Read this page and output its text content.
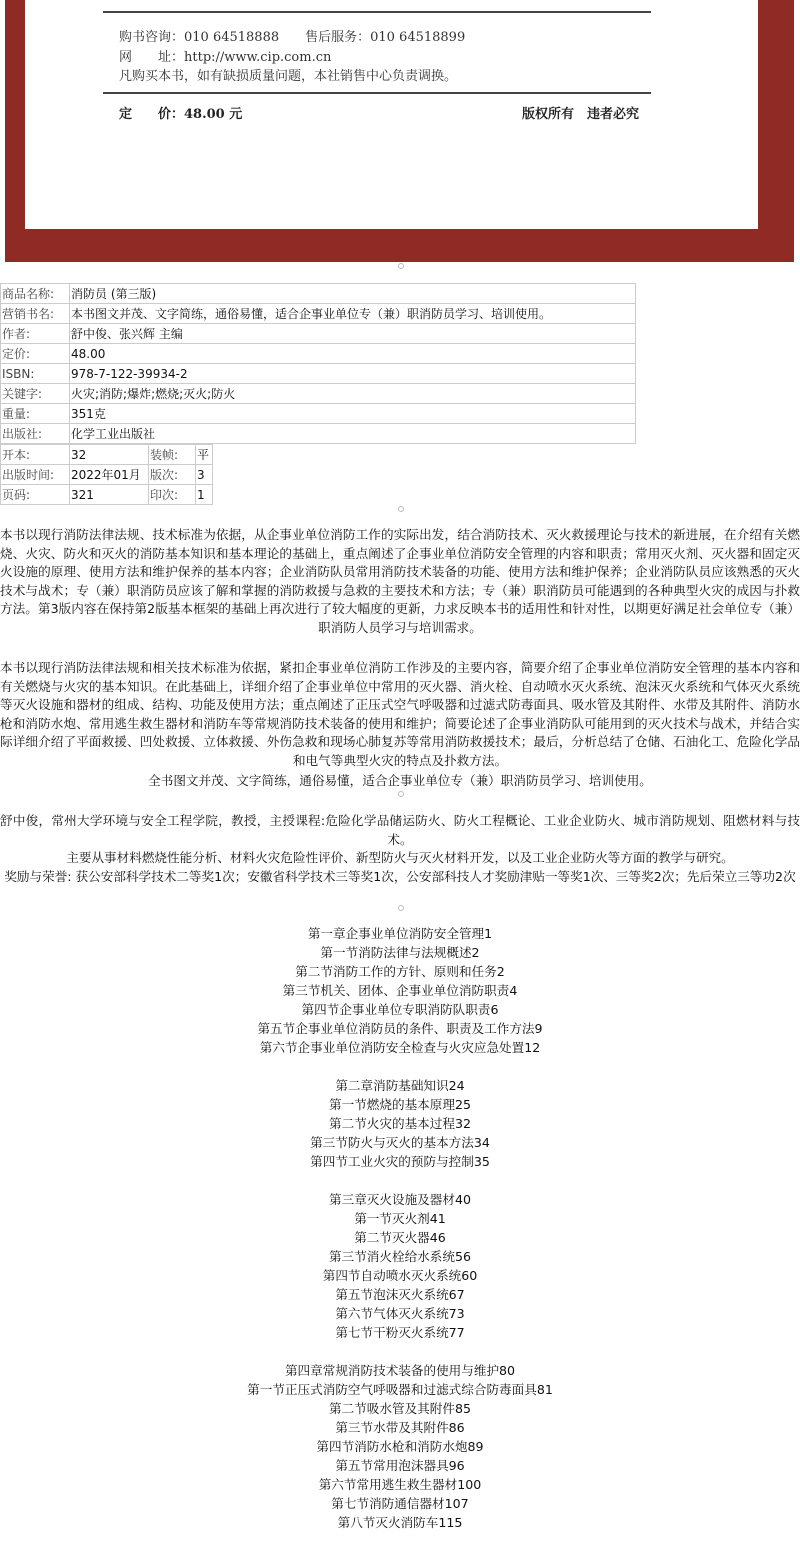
购书咨询：010 64518888　　售后服务：010 64518899
网　　址：http://www.cip.com.cn
凡购买本书，如有缺损质量问题，本社销售中心负责调换。
定　　价：48.00 元	版权所有　违者必究
商品名称:	消防员 (第三版)
营销书名:	本书图文并茂、文字简练，通俗易懂，适合企事业单位专（兼）职消防员学习、培训使用。
作者:	舒中俊、张兴辉 主编
定价:	48.00
ISBN:	978-7-122-39934-2
关键字:	火灾;消防;爆炸;燃烧;灭火;防火
重量:	351克
出版社:	化学工业出版社
开本:	32	装帧:	平
出版时间:	2022年01月	版次:	3
页码:	321	印次:	1

本书以现行消防法律法规、技术标准为依据，从企事业单位消防工作的实际出发，结合消防技术、灭火救援理论与技术的新进展，在介绍有关燃烧、火灾、防火和灭火的消防基本知识和基本理论的基础上，重点阐述了企事业单位消防安全管理的内容和职责；常用灭火剂、灭火器和固定灭火设施的原理、使用方法和维护保养的基本内容；企业消防队员常用消防技术装备的功能、使用方法和维护保养；企业消防队员应该熟悉的灭火技术与战术；专（兼）职消防员应该了解和掌握的消防救援与急救的主要技术和方法；专（兼）职消防员可能遇到的各种典型火灾的成因与扑救方法。第3版内容在保持第2版基本框架的基础上再次进行了较大幅度的更新，力求反映本书的适用性和针对性，以期更好满足社会单位专（兼）职消防人员学习与培训需求。

本书以现行消防法律法规和相关技术标准为依据，紧扣企事业单位消防工作涉及的主要内容，简要介绍了企事业单位消防安全管理的基本内容和有关燃烧与火灾的基本知识。在此基础上，详细介绍了企事业单位中常用的灭火器、消火栓、自动喷水灭火系统、泡沫灭火系统和气体灭火系统等灭火设施和器材的组成、结构、功能及使用方法；重点阐述了正压式空气呼吸器和过滤式防毒面具、吸水管及其附件、水带及其附件、消防水枪和消防水炮、常用逃生救生器材和消防车等常规消防技术装备的使用和维护；简要论述了企事业消防队可能用到的灭火技术与战术，并结合实际详细介绍了平面救援、凹处救援、立体救援、外伤急救和现场心肺复苏等常用消防救援技术；最后，分析总结了仓储、石油化工、危险化学品和电气等典型火灾的特点及扑救方法。

全书图文并茂、文字简练，通俗易懂，适合企事业单位专（兼）职消防员学习、培训使用。

舒中俊，常州大学环境与安全工程学院，教授，主授课程:危险化学品储运防火、防火工程概论、工业企业防火、城市消防规划、阻燃材料与技术。

主要从事材料燃烧性能分析、材料火灾危险性评价、新型防火与灭火材料开发，以及工业企业防火等方面的教学与研究。

奖励与荣誉: 获公安部科学技术二等奖1次；安徽省科学技术三等奖1次，公安部科技人才奖励津贴一等奖1次、三等奖2次；先后荣立三等功2次

第一章企事业单位消防安全管理1
第一节消防法律与法规概述2
第二节消防工作的方针、原则和任务2
第三节机关、团体、企事业单位消防职责4
第四节企事业单位专职消防队职责6
第五节企事业单位消防员的条件、职责及工作方法9
第六节企事业单位消防安全检查与火灾应急处置12
第二章消防基础知识24
第一节燃烧的基本原理25
第二节火灾的基本过程32
第三节防火与灭火的基本方法34
第四节工业火灾的预防与控制35
第三章灭火设施及器材40
第一节灭火剂41
第二节灭火器46
第三节消火栓给水系统56
第四节自动喷水灭火系统60
第五节泡沫灭火系统67
第六节气体灭火系统73
第七节干粉灭火系统77
第四章常规消防技术装备的使用与维护80
第一节正压式消防空气呼吸器和过滤式综合防毒面具81
第二节吸水管及其附件85
第三节水带及其附件86
第四节消防水枪和消防水炮89
第五节常用泡沫器具96
第六节常用逃生救生器材100
第七节消防通信器材107
第八节灭火消防车115
